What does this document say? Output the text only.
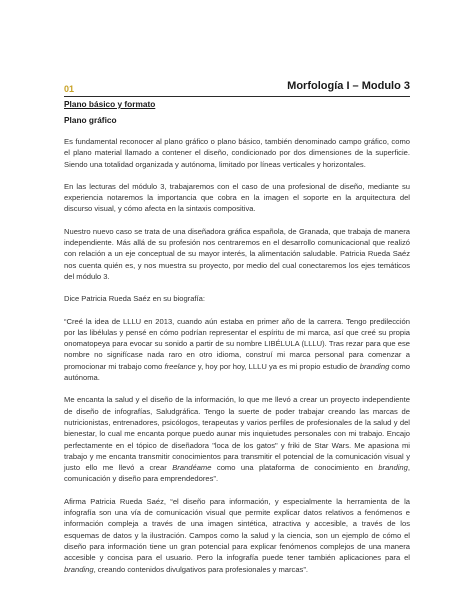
Morfología I – Modulo 3
01
Plano básico y formato
Plano gráfico

Es fundamental reconocer al plano gráfico o plano básico, también denominado campo gráfico, como el plano material llamado a contener el diseño, condicionado por dos dimensiones de la superficie. Siendo una totalidad organizada y autónoma, limitado por líneas verticales y horizontales.

En las lecturas del módulo 3, trabajaremos con el caso de una profesional de diseño, mediante su experiencia notaremos la importancia que cobra en la imagen el soporte en la arquitectura del discurso visual, y cómo afecta en la sintaxis compositiva.

Nuestro nuevo caso se trata de una diseñadora gráfica española, de Granada, que trabaja de manera independiente. Más allá de su profesión nos centraremos en el desarrollo comunicacional que realizó con relación a un eje conceptual de su mayor interés, la alimentación saludable. Patricia Rueda Saéz nos cuenta quién es, y nos muestra su proyecto, por medio del cual conectaremos los ejes temáticos del módulo 3.

Dice Patricia Rueda Saéz en su biografía:

“Creé la idea de LLLU en 2013, cuando aún estaba en primer año de la carrera. Tengo predilección por las libélulas y pensé en cómo podrían representar el espíritu de mi marca, así que creé su propia onomatopeya para evocar su sonido a partir de su nombre LIBÉLULA (LLLU). Tras rezar para que ese nombre no signifícase nada raro en otro idioma, construí mi marca personal para comenzar a promocionar mi trabajo como freelance y, hoy por hoy, LLLU ya es mi propio estudio de branding como autónoma.

Me encanta la salud y el diseño de la información, lo que me llevó a crear un proyecto independiente de diseño de infografías, Saludgráfica. Tengo la suerte de poder trabajar creando las marcas de nutricionistas, entrenadores, psicólogos, terapeutas y varios perfiles de profesionales de la salud y del bienestar, lo cual me encanta porque puedo aunar mis inquietudes personales con mi trabajo. Encajo perfectamente en el tópico de diseñadora "loca de los gatos" y friki de Star Wars. Me apasiona mi trabajo y me encanta transmitir conocimientos para transmitir el potencial de la comunicación visual y justo ello me llevó a crear Brandéame como una plataforma de conocimiento en branding, comunicación y diseño para emprendedores”.

Afirma Patricia Rueda Saéz, “el diseño para información, y especialmente la herramienta de la infografía son una vía de comunicación visual que permite explicar datos relativos a fenómenos e información compleja a través de una imagen sintética, atractiva y accesible, a través de los esquemas de datos y la ilustración. Campos como la salud y la ciencia, son un ejemplo de cómo el diseño para información tiene un gran potencial para explicar fenómenos complejos de una manera accesible y concisa para el usuario. Pero la infografía puede tener también aplicaciones para el branding, creando contenidos divulgativos para profesionales y marcas”.
